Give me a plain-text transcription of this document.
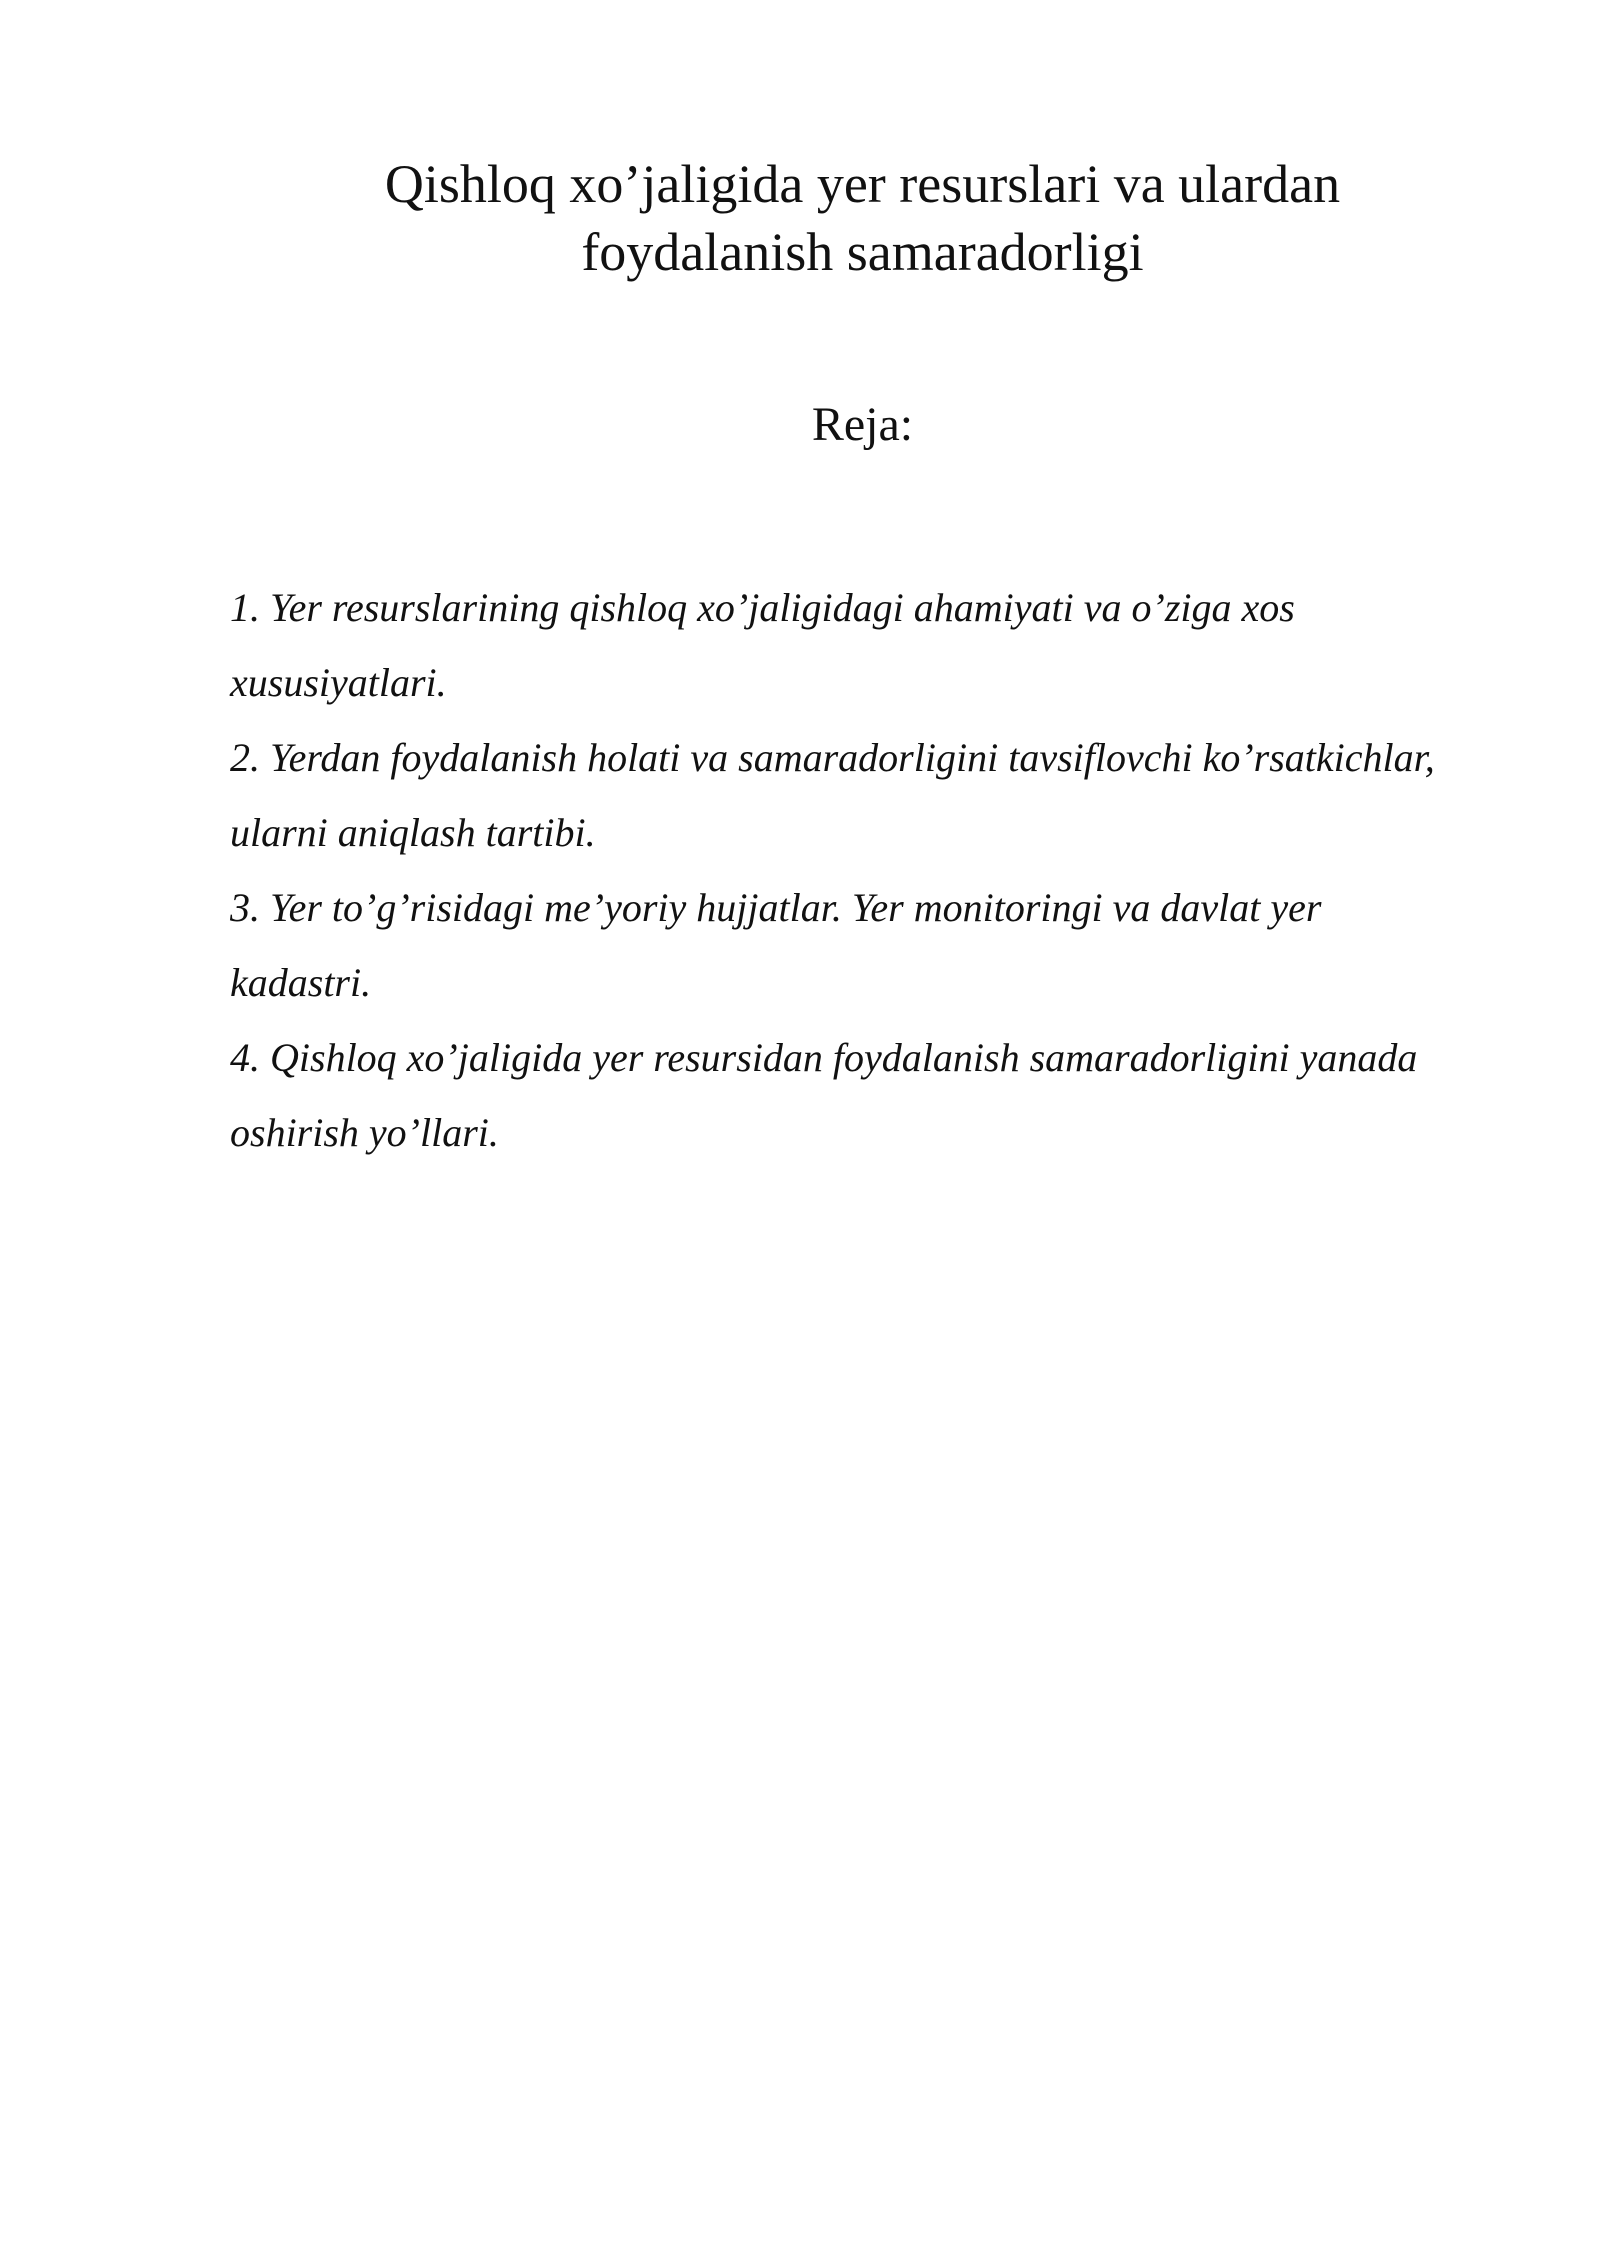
Qishloq xo’jaligida yer resurslari va ulardan
foydalanish samaradorligi

Reja:

1. Yer resurslarining qishloq xo’jaligidagi ahamiyati va o’ziga xos xususiyatlari.
2. Yerdan foydalanish holati va samaradorligini tavsiflovchi ko’rsatkichlar, ularni aniqlash tartibi.
3. Yer to’g’risidagi me’yoriy hujjatlar. Yer monitoringi va davlat yer kadastri.
4. Qishloq xo’jaligida yer resursidan foydalanish samaradorligini yanada oshirish yo’llari.
